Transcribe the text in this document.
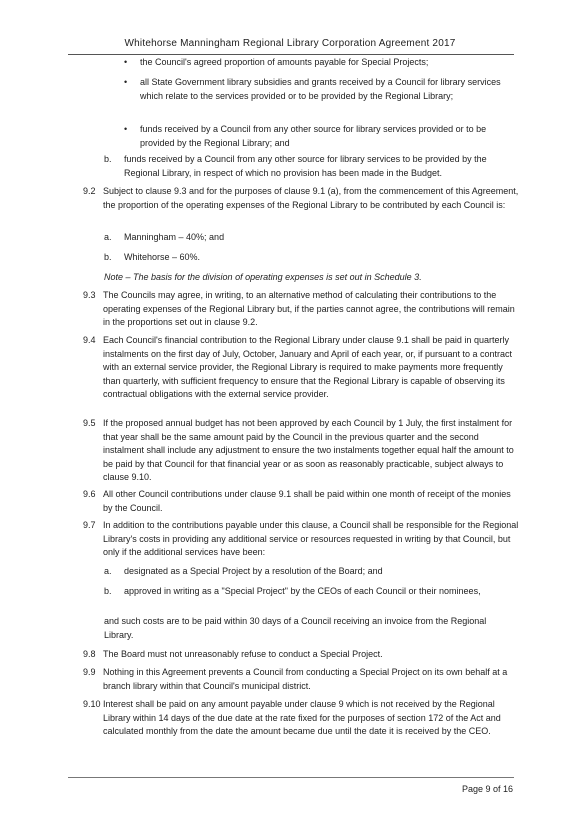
Whitehorse Manningham Regional Library Corporation Agreement 2017
•	the Council's agreed proportion of amounts payable for Special Projects;
•	all State Government library subsidies and grants received by a Council for library services which relate to the services provided or to be provided by the Regional Library;
•	funds received by a Council from any other source for library services provided or to be provided by the Regional Library; and
b. funds received by a Council from any other source for library services to be provided by the Regional Library, in respect of which no provision has been made in the Budget.
9.2 Subject to clause 9.3 and for the purposes of clause 9.1 (a), from the commencement of this Agreement, the proportion of the operating expenses of the Regional Library to be contributed by each Council is:
a. Manningham – 40%; and
b. Whitehorse – 60%.
Note – The basis for the division of operating expenses is set out in Schedule 3.
9.3 The Councils may agree, in writing, to an alternative method of calculating their contributions to the operating expenses of the Regional Library but, if the parties cannot agree, the contributions will remain in the proportions set out in clause 9.2.
9.4 Each Council's financial contribution to the Regional Library under clause 9.1 shall be paid in quarterly instalments on the first day of July, October, January and April of each year, or, if pursuant to a contract with an external service provider, the Regional Library is required to make payments more frequently than quarterly, with sufficient frequency to ensure that the Regional Library is capable of observing its contractual obligations with the external service provider.
9.5 If the proposed annual budget has not been approved by each Council by 1 July, the first instalment for that year shall be the same amount paid by the Council in the previous quarter and the second instalment shall include any adjustment to ensure the two instalments together equal half the amount to be paid by that Council for that financial year or as soon as reasonably practicable, subject always to clause 9.10.
9.6 All other Council contributions under clause 9.1 shall be paid within one month of receipt of the monies by the Council.
9.7 In addition to the contributions payable under this clause, a Council shall be responsible for the Regional Library's costs in providing any additional service or resources requested in writing by that Council, but only if the additional services have been:
a. designated as a Special Project by a resolution of the Board; and
b. approved in writing as a "Special Project" by the CEOs of each Council or their nominees,
and such costs are to be paid within 30 days of a Council receiving an invoice from the Regional Library.
9.8 The Board must not unreasonably refuse to conduct a Special Project.
9.9 Nothing in this Agreement prevents a Council from conducting a Special Project on its own behalf at a branch library within that Council's municipal district.
9.10 Interest shall be paid on any amount payable under clause 9 which is not received by the Regional Library within 14 days of the due date at the rate fixed for the purposes of section 172 of the Act and calculated monthly from the date the amount became due until the date it is received by the CEO.
Page 9 of 16
